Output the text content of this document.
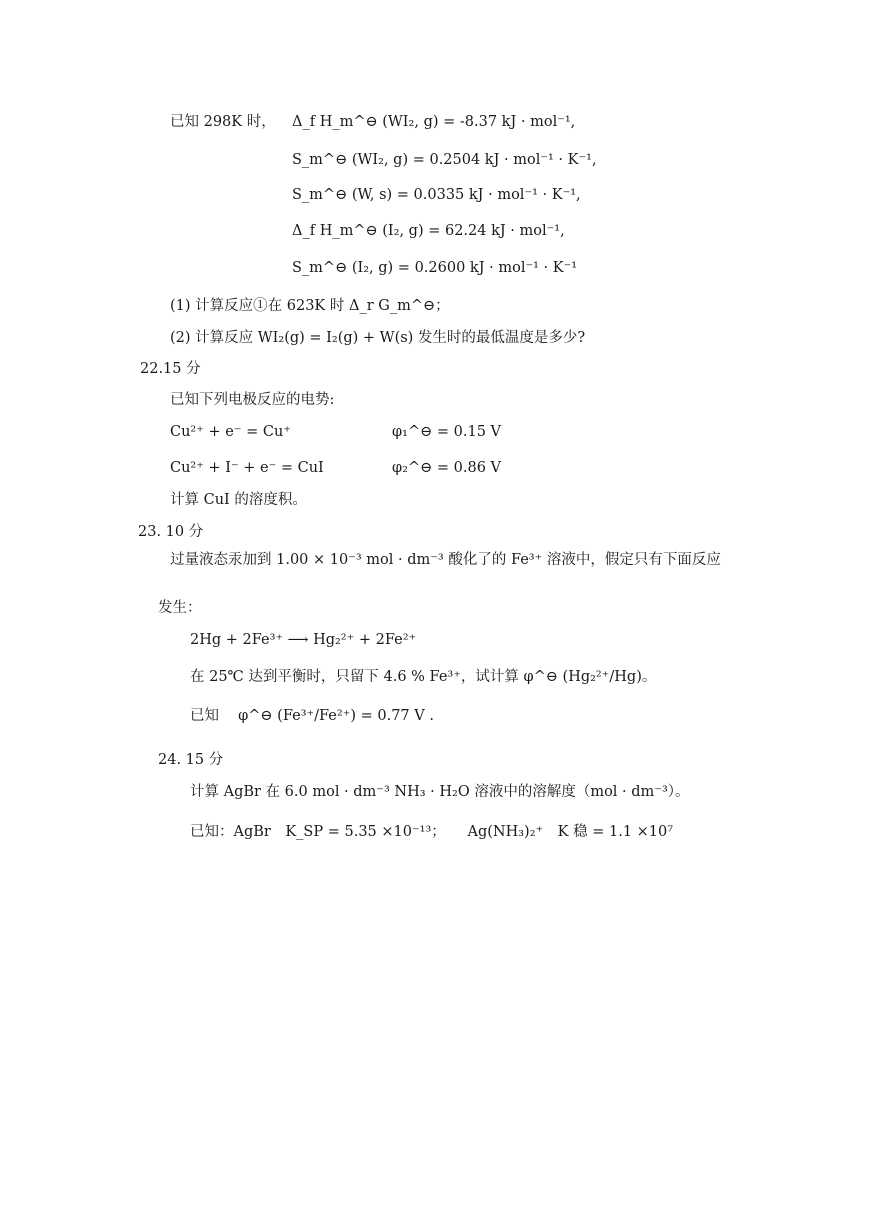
已知 298K 时， Δ_f H_m^⊖ (WI₂, g) = -8.37 kJ · mol⁻¹,
S_m^⊖ (WI₂, g) = 0.2504 kJ · mol⁻¹ · K⁻¹,
S_m^⊖ (W, s) = 0.0335 kJ · mol⁻¹ · K⁻¹,
Δ_f H_m^⊖ (I₂, g) = 62.24 kJ · mol⁻¹,
S_m^⊖ (I₂, g) = 0.2600 kJ · mol⁻¹ · K⁻¹
(1) 计算反应①在 623K 时 Δ_r G_m^⊖；
(2) 计算反应 WI₂(g) = I₂(g) + W(s) 发生时的最低温度是多少?
22.15 分
已知下列电极反应的电势:
Cu²⁺ + e⁻ = Cu⁺	φ₁^⊖ = 0.15 V
Cu²⁺ + I⁻ + e⁻ = CuI	φ₂^⊖ = 0.86 V
计算 CuI 的溶度积。
23. 10 分
过量液态汞加到 1.00 × 10⁻³ mol · dm⁻³ 酸化了的 Fe³⁺ 溶液中，假定只有下面反应
发生：
2Hg + 2Fe³⁺ ⟶ Hg₂²⁺ + 2Fe²⁺
在 25℃ 达到平衡时，只留下 4.6 % Fe³⁺，试计算 φ^⊖ (Hg₂²⁺/Hg)。
已知　 φ^⊖ (Fe³⁺/Fe²⁺) = 0.77 V .
24. 15 分
计算 AgBr 在 6.0 mol · dm⁻³ NH₃ · H₂O 溶液中的溶解度（mol · dm⁻³）。
已知：AgBr　K_SP = 5.35 ×10⁻¹³；　　Ag(NH₃)₂⁺　K 稳 = 1.1 ×10⁷
